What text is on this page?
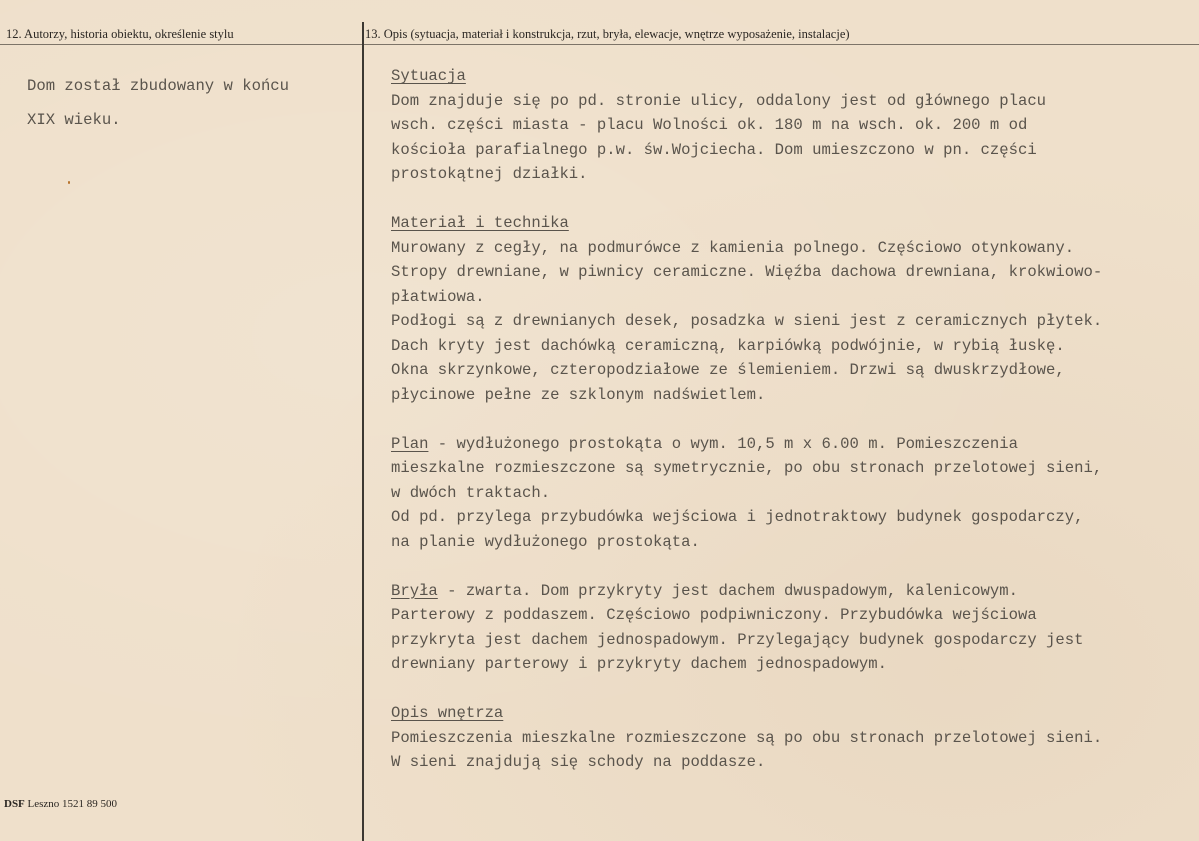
12. Autorzy, historia obiektu, określenie stylu	13. Opis (sytuacja, materiał i konstrukcja, rzut, bryła, elewacje, wnętrze wyposażenie, instalacje)
Dom został zbudowany w końcu
XIX wieku.
Sytuacja
Dom znajduje się po pd. stronie ulicy, oddalony jest od głównego placu
wsch. części miasta - placu Wolności ok. 180 m na wsch. ok. 200 m od
kościoła parafialnego p.w. św.Wojciecha. Dom umieszczono w pn. części
prostokątnej działki.
Materiał i technika
Murowany z cegły, na podmurówce z kamienia polnego. Częściowo otynkowany.
Stropy drewniane, w piwnicy ceramiczne. Więźba dachowa drewniana, krokwiowo-
płatwiowa.
Podłogi są z drewnianych desek, posadzka w sieni jest z ceramicznych płytek.
Dach kryty jest dachówką ceramiczną, karpiówką podwójnie, w rybią łuskę.
Okna skrzynkowe, czteropodziałowe ze ślemieniem. Drzwi są dwuskrzydłowe,
płycinowe pełne ze szklonym nadświetlem.
Plan - wydłużonego prostokąta o wym. 10,5 m x 6.00 m. Pomieszczenia
mieszkalne rozmieszczone są symetrycznie, po obu stronach przelotowej sieni,
w dwóch traktach.
Od pd. przylega przybudówka wejściowa i jednotraktowy budynek gospodarczy,
na planie wydłużonego prostokąta.
Bryła - zwarta. Dom przykryty jest dachem dwuspadowym, kalenicowym.
Parterowy z poddaszem. Częściowo podpiwniczony. Przybudówka wejściowa
przykryta jest dachem jednospadowym. Przylegający budynek gospodarczy jest
drewniany parterowy i przykryty dachem jednospadowym.
Opis wnętrza
Pomieszczenia mieszkalne rozmieszczone są po obu stronach przelotowej sieni.
W sieni znajdują się schody na poddasze.
DSF Leszno 1521 89 500
